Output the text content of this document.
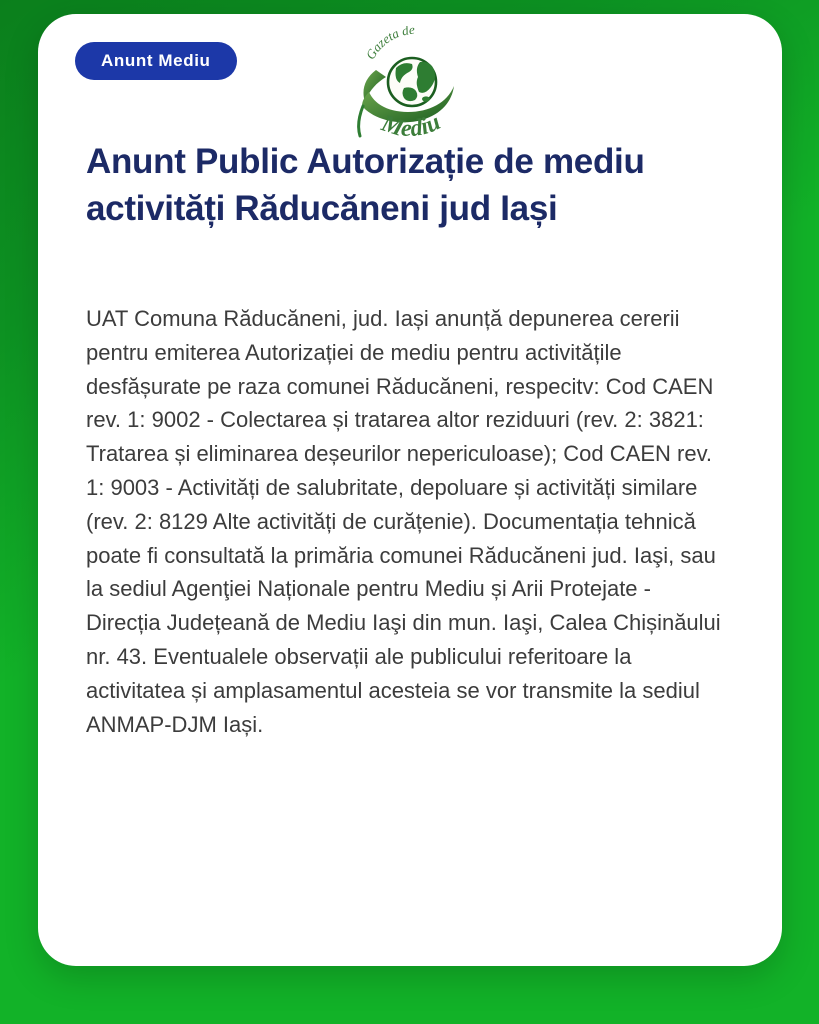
Anunt Mediu	Gazeta de
Mediu
Anunt Public Autorizație de mediu
activități Răducăneni jud Iași

UAT Comuna Răducăneni, jud. Iași anunță depunerea cererii pentru emiterea Autorizației de mediu pentru activitățile desfășurate pe raza comunei Răducăneni, respecitv: Cod CAEN rev. 1: 9002 - Colectarea și tratarea altor reziduuri (rev. 2: 3821: Tratarea și eliminarea deșeurilor nepericuloase); Cod CAEN rev. 1: 9003 - Activități de salubritate, depoluare și activități similare (rev. 2: 8129 Alte activități de curățenie). Documentația tehnică poate fi consultată la primăria comunei Răducăneni jud. Iaşi, sau la sediul Agenţiei Naționale pentru Mediu și Arii Protejate - Direcția Județeană de Mediu Iaşi din mun. Iaşi, Calea Chișinăului nr. 43. Eventualele observații ale publicului referitoare la activitatea și amplasamentul acesteia se vor transmite la sediul ANMAP-DJM Iași.
